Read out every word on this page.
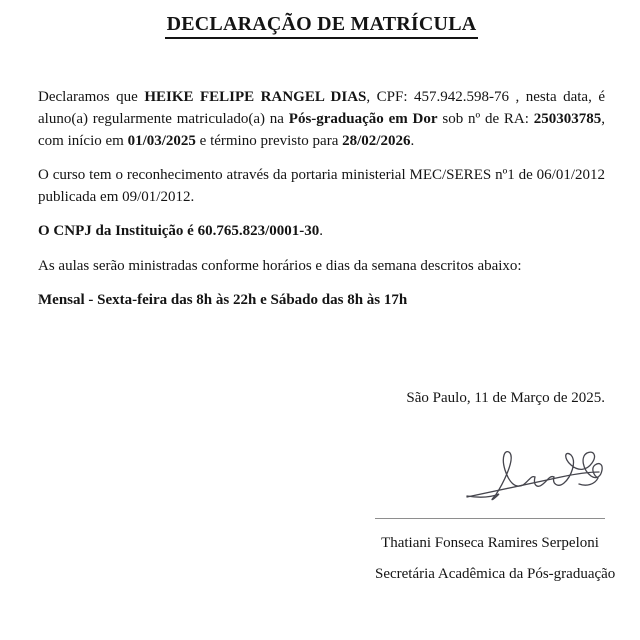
DECLARAÇÃO DE MATRÍCULA
Declaramos que HEIKE FELIPE RANGEL DIAS, CPF: 457.942.598-76 , nesta data, é
aluno(a) regularmente matriculado(a) na Pós-graduação em Dor sob nº de RA: 250303785,
com início em 01/03/2025 e término previsto para 28/02/2026.
O curso tem o reconhecimento através da portaria ministerial MEC/SERES nº1 de 06/01/2012
publicada em 09/01/2012.
O CNPJ da Instituição é 60.765.823/0001-30.
As aulas serão ministradas conforme horários e dias da semana descritos abaixo:
Mensal - Sexta-feira das 8h às 22h e Sábado das 8h às 17h
São Paulo, 11 de Março de 2025.
Thatiani Fonseca Ramires Serpeloni
Secretária Acadêmica da Pós-graduação
